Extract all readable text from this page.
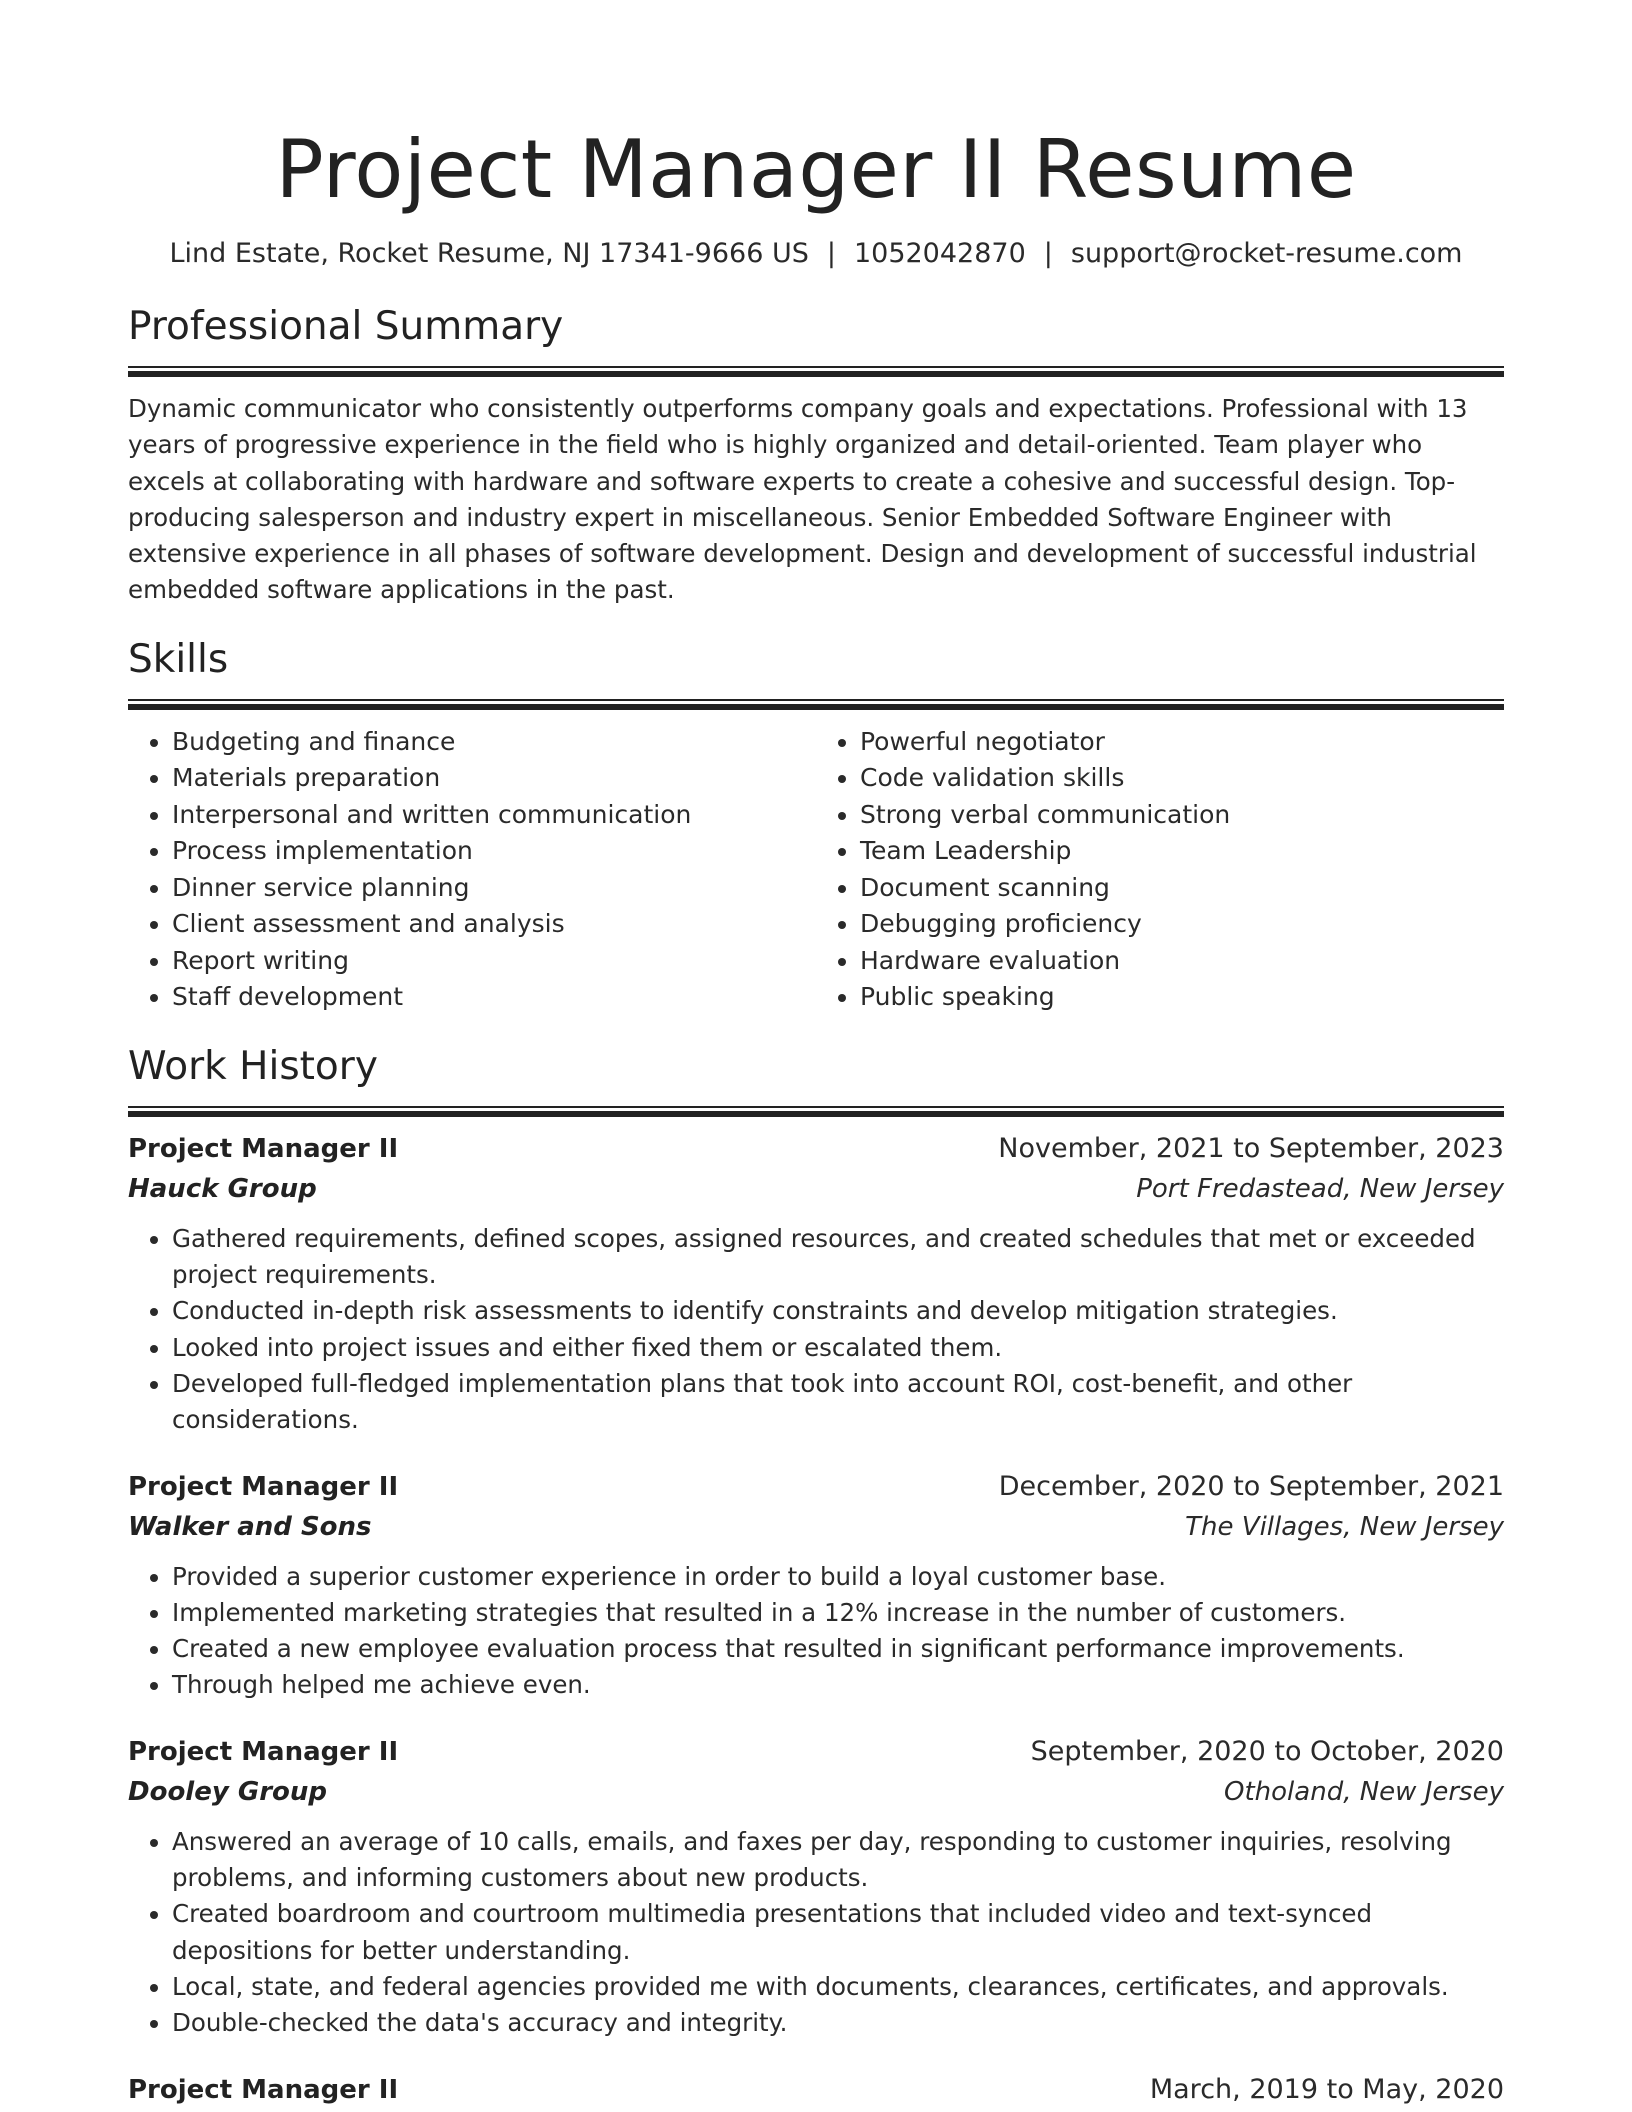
Project Manager II Resume
Lind Estate, Rocket Resume, NJ 17341-9666 US | 1052042870 | support@rocket-resume.com
Professional Summary

Dynamic communicator who consistently outperforms company goals and expectations. Professional with 13 years of progressive experience in the field who is highly organized and detail-oriented. Team player who excels at collaborating with hardware and software experts to create a cohesive and successful design. Top-producing salesperson and industry expert in miscellaneous. Senior Embedded Software Engineer with extensive experience in all phases of software development. Design and development of successful industrial embedded software applications in the past.

Skills
• Budgeting and finance
• Materials preparation
• Interpersonal and written communication
• Process implementation
• Dinner service planning
• Client assessment and analysis
• Report writing
• Staff development
• Powerful negotiator
• Code validation skills
• Strong verbal communication
• Team Leadership
• Document scanning
• Debugging proficiency
• Hardware evaluation
• Public speaking
Work History
Project Manager II	November, 2021 to September, 2023
Hauck Group	Port Fredastead, New Jersey
• Gathered requirements, defined scopes, assigned resources, and created schedules that met or exceeded project requirements.
• Conducted in-depth risk assessments to identify constraints and develop mitigation strategies.
• Looked into project issues and either fixed them or escalated them.
• Developed full-fledged implementation plans that took into account ROI, cost-benefit, and other considerations.
Project Manager II	December, 2020 to September, 2021
Walker and Sons	The Villages, New Jersey
• Provided a superior customer experience in order to build a loyal customer base.
• Implemented marketing strategies that resulted in a 12% increase in the number of customers.
• Created a new employee evaluation process that resulted in significant performance improvements.
• Through helped me achieve even.
Project Manager II	September, 2020 to October, 2020
Dooley Group	Otholand, New Jersey
• Answered an average of 10 calls, emails, and faxes per day, responding to customer inquiries, resolving problems, and informing customers about new products.
• Created boardroom and courtroom multimedia presentations that included video and text-synced depositions for better understanding.
• Local, state, and federal agencies provided me with documents, clearances, certificates, and approvals.
• Double-checked the data's accuracy and integrity.
Project Manager II	March, 2019 to May, 2020
